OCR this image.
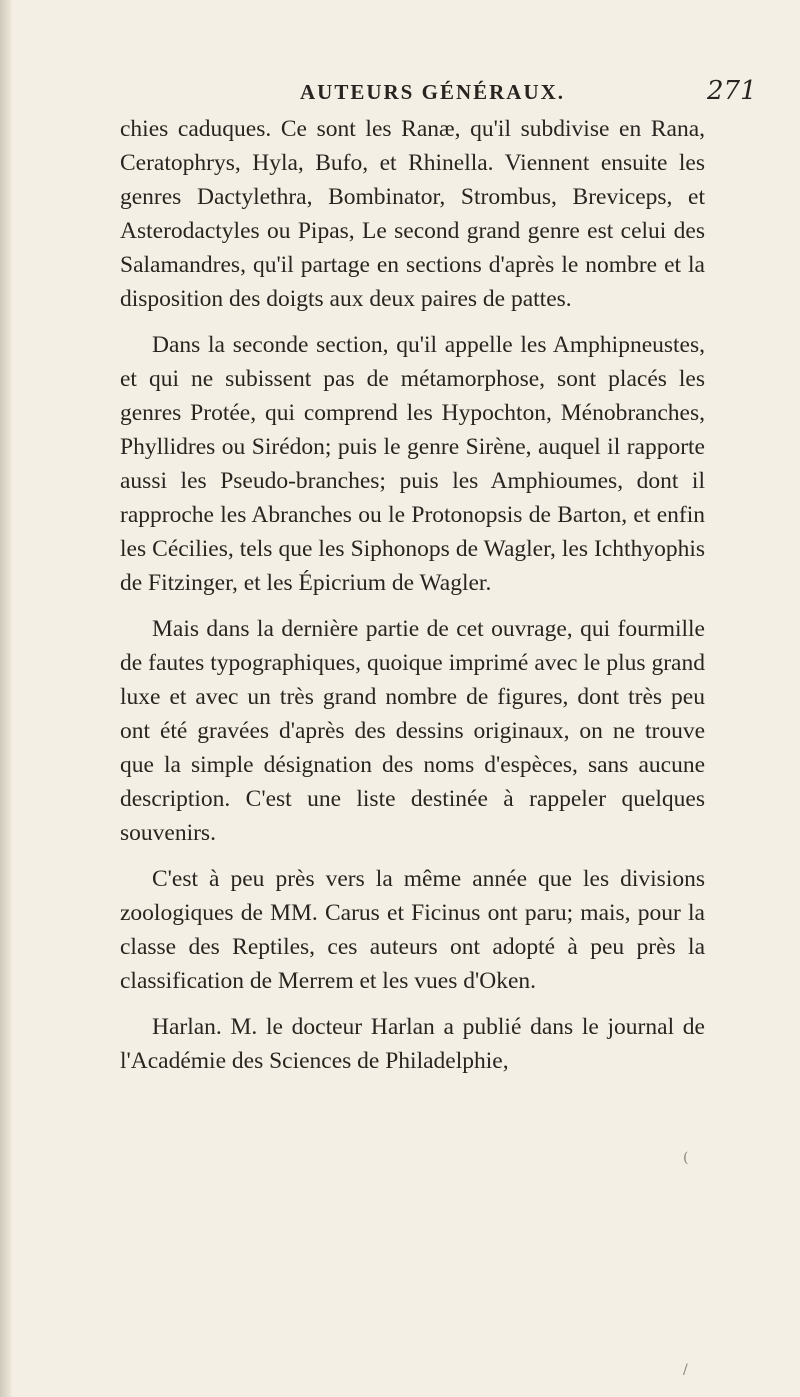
AUTEURS GÉNÉRAUX.	271

chies caduques. Ce sont les Ranæ, qu'il subdivise en Rana, Ceratophrys, Hyla, Bufo, et Rhinella. Viennent ensuite les genres Dactylethra, Bombinator, Strombus, Breviceps, et Asterodactyles ou Pipas, Le second grand genre est celui des Salamandres, qu'il partage en sections d'après le nombre et la disposition des doigts aux deux paires de pattes.

Dans la seconde section, qu'il appelle les Amphipneustes, et qui ne subissent pas de métamorphose, sont placés les genres Protée, qui comprend les Hypochton, Ménobranches, Phyllidres ou Sirédon; puis le genre Sirène, auquel il rapporte aussi les Pseudo-branches; puis les Amphioumes, dont il rapproche les Abranches ou le Protonopsis de Barton, et enfin les Cécilies, tels que les Siphonops de Wagler, les Ichthyophis de Fitzinger, et les Épicrium de Wagler.

Mais dans la dernière partie de cet ouvrage, qui fourmille de fautes typographiques, quoique imprimé avec le plus grand luxe et avec un très grand nombre de figures, dont très peu ont été gravées d'après des dessins originaux, on ne trouve que la simple désignation des noms d'espèces, sans aucune description. C'est une liste destinée à rappeler quelques souvenirs.

C'est à peu près vers la même année que les divisions zoologiques de MM. Carus et Ficinus ont paru; mais, pour la classe des Reptiles, ces auteurs ont adopté à peu près la classification de Merrem et les vues d'Oken.

Harlan. M. le docteur Harlan a publié dans le journal de l'Académie des Sciences de Philadelphie,

(
/
